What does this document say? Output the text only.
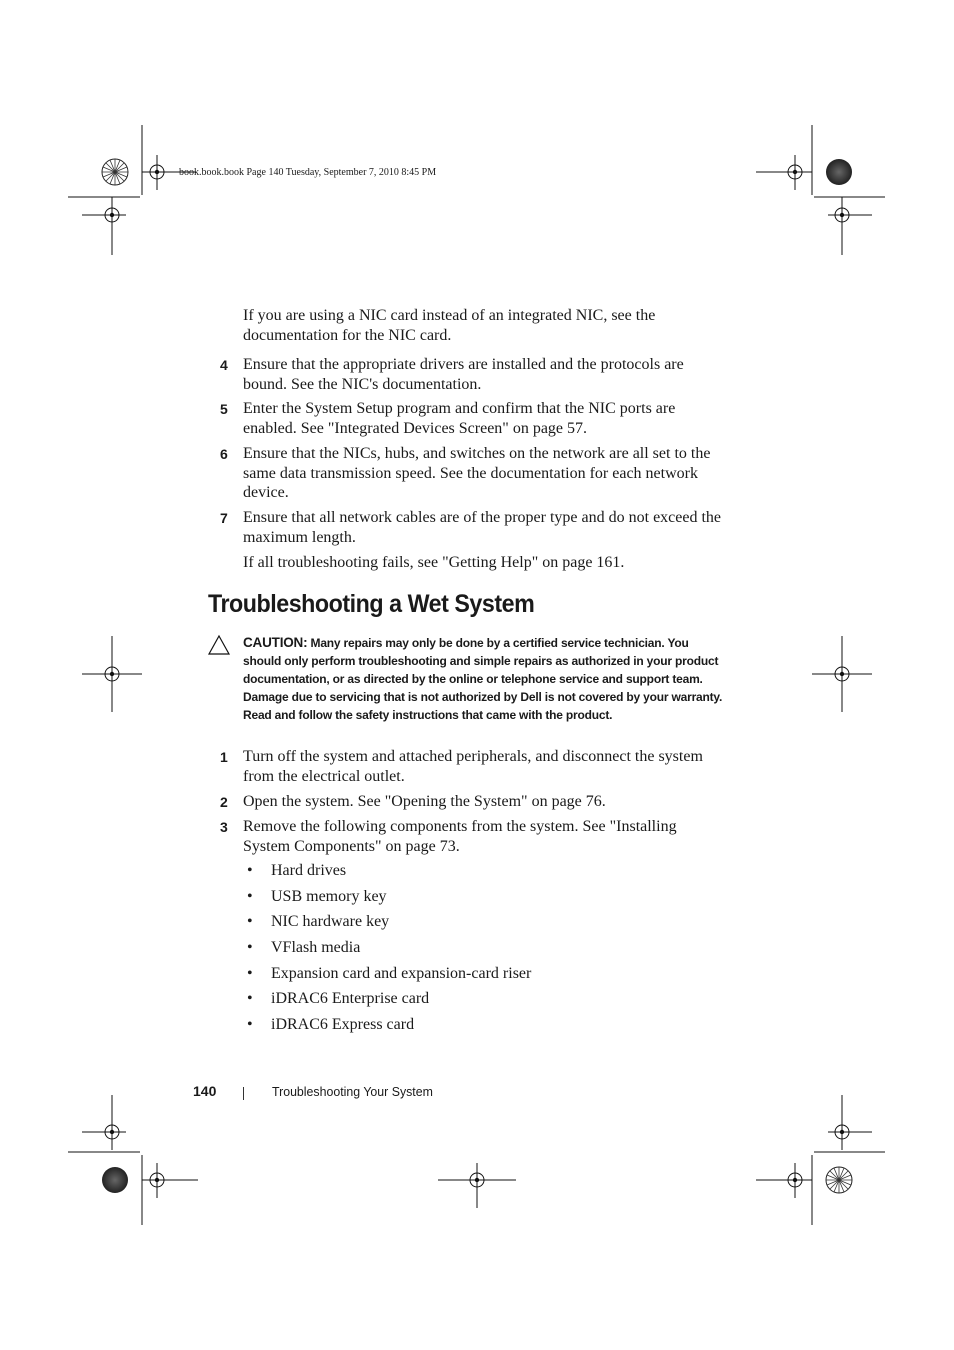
book.book.book Page 140 Tuesday, September 7, 2010 8:45 PM
If you are using a NIC card instead of an integrated NIC, see the documentation for the NIC card.
4 Ensure that the appropriate drivers are installed and the protocols are bound. See the NIC's documentation.
5 Enter the System Setup program and confirm that the NIC ports are enabled. See "Integrated Devices Screen" on page 57.
6 Ensure that the NICs, hubs, and switches on the network are all set to the same data transmission speed. See the documentation for each network device.
7 Ensure that all network cables are of the proper type and do not exceed the maximum length.
If all troubleshooting fails, see "Getting Help" on page 161.
Troubleshooting a Wet System
CAUTION: Many repairs may only be done by a certified service technician. You should only perform troubleshooting and simple repairs as authorized in your product documentation, or as directed by the online or telephone service and support team. Damage due to servicing that is not authorized by Dell is not covered by your warranty. Read and follow the safety instructions that came with the product.
1 Turn off the system and attached peripherals, and disconnect the system from the electrical outlet.
2 Open the system. See "Opening the System" on page 76.
3 Remove the following components from the system. See "Installing System Components" on page 73.
• Hard drives
• USB memory key
• NIC hardware key
• VFlash media
• Expansion card and expansion-card riser
• iDRAC6 Enterprise card
• iDRAC6 Express card
140	Troubleshooting Your System
